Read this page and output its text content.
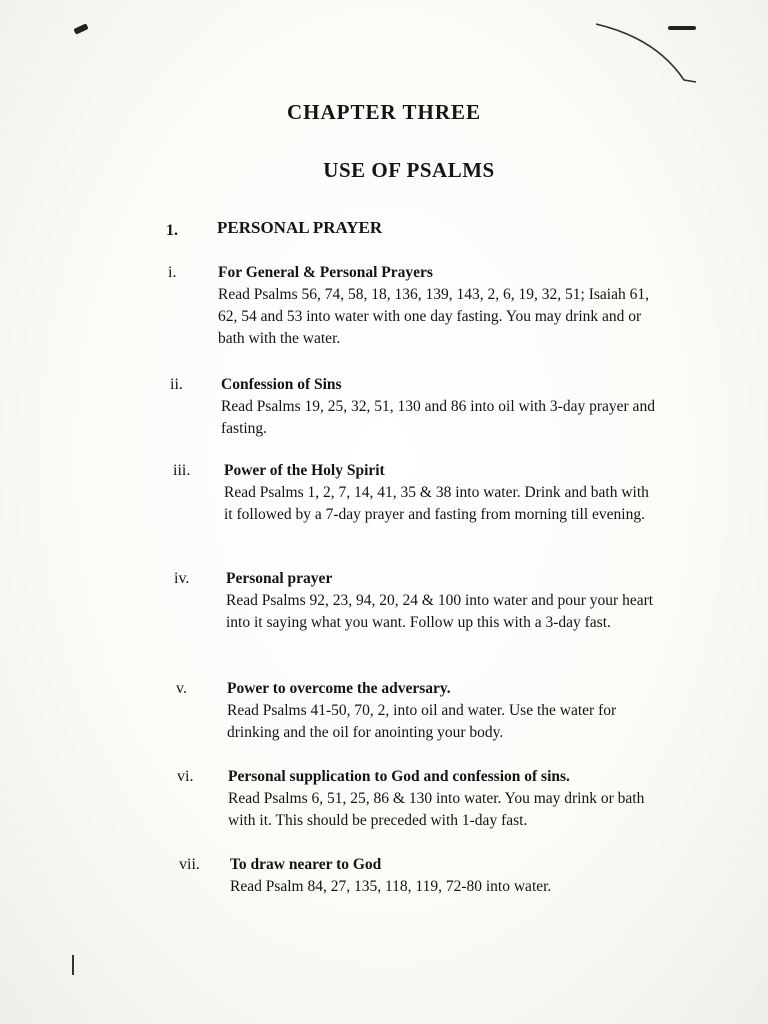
CHAPTER THREE
USE OF PSALMS
1. PERSONAL PRAYER
i.	For General & Personal Prayers
Read Psalms 56, 74, 58, 18, 136, 139, 143, 2, 6, 19, 32, 51; Isaiah 61, 62, 54 and 53 into water with one day fasting. You may drink and or bath with the water.
ii. Confession of Sins
Read Psalms 19, 25, 32, 51, 130 and 86 into oil with 3-day prayer and fasting.
iii. Power of the Holy Spirit
Read Psalms 1, 2, 7, 14, 41, 35 & 38 into water. Drink and bath with it followed by a 7-day prayer and fasting from morning till evening.
iv. Personal prayer
Read Psalms 92, 23, 94, 20, 24 & 100 into water and pour your heart into it saying what you want. Follow up this with a 3-day fast.
v.	Power to overcome the adversary.
Read Psalms 41-50, 70, 2, into oil and water. Use the water for drinking and the oil for anointing your body.
vi. Personal supplication to God and confession of sins.
Read Psalms 6, 51, 25, 86 & 130 into water. You may drink or bath with it. This should be preceded with 1-day fast.
vii. To draw nearer to God
Read Psalm 84, 27, 135, 118, 119, 72-80 into water.
